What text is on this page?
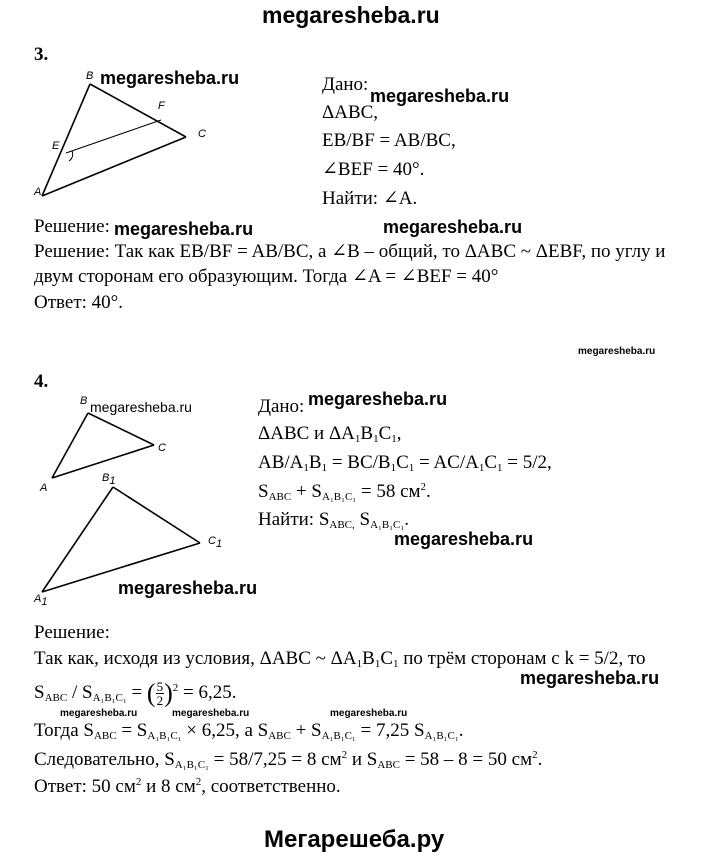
megaresheba.ru
3.
B
F
C
E
A
megaresheba.ru	Дано:
megaresheba.ru
ΔABC,
EB/BF = AB/BC,
∠BEF = 40°.
Найти: ∠A.
Решение: megaresheba.ru	megaresheba.ru
Решение: Так как EB/BF = AB/BC, а ∠B – общий, то ΔABC ~ ΔEBF, по углу и
двум сторонам его образующим. Тогда ∠A = ∠BEF = 40°
Ответ: 40°.
megaresheba.ru
4.
B
C
A
$B_1$
$C_1$
$A_1$
megaresheba.ru	Дано: megaresheba.ru
ΔABC и $\Delta A_1B_1C_1$,
$AB/A_1B_1 = BC/B_1C_1 = AC/A_1C_1 = 5/2$,
$S_{ABC} + S_{A_1B_1C_1} = 58$ $см^2$.
Найти: $S_{ABC,}$ $S_{A_1B_1C_1}$.
megaresheba.ru
megaresheba.ru
Решение:
Так как, исходя из условия, ΔABC ~ $\Delta A_1B_1C_1$ по трём сторонам с k = 5/2, то
$S_{ABC} / S_{A_1B_1C_1}$ = ( $\frac{5}{2} )^2 = 6,25$.
megaresheba.ru
megaresheba.ru	megaresheba.ru	megaresheba.ru
Тогда $S_{ABC} = S_{A_1B_1C_1} \times 6,25$, а $S_{ABC} + S_{A_1B_1C_1} = 7,25$ $S_{A_1B_1C_1}$.
Следовательно, $S_{A_1B_1C_1} = 58/7,25 = 8$ $см^2$ и $S_{ABC} = 58 - 8 = 50$ $см^2$.
Ответ: 50 $см^2$ и 8 $см^2$, соответственно.
Мегарешеба.ру
